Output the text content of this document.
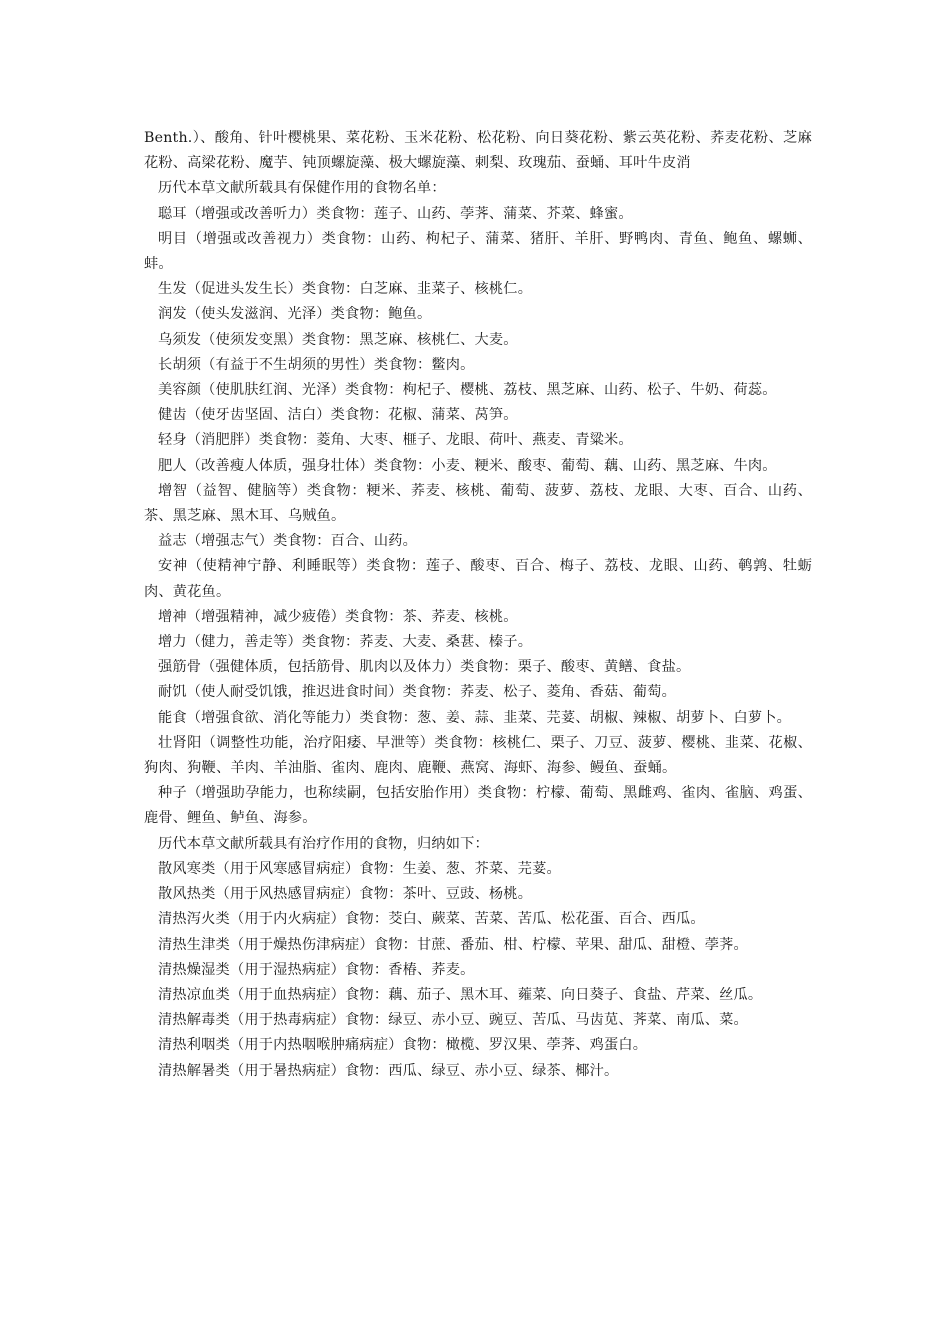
Benth.）、酸角、针叶樱桃果、菜花粉、玉米花粉、松花粉、向日葵花粉、紫云英花粉、荞麦花粉、芝麻花粉、高梁花粉、魔芋、钝顶螺旋藻、极大螺旋藻、刺梨、玫瑰茄、蚕蛹、耳叶牛皮消

历代本草文献所载具有保健作用的食物名单：

聪耳（增强或改善听力）类食物：莲子、山药、荸荠、蒲菜、芥菜、蜂蜜。

明目（增强或改善视力）类食物：山药、枸杞子、蒲菜、猪肝、羊肝、野鸭肉、青鱼、鲍鱼、螺蛳、蚌。

生发（促进头发生长）类食物：白芝麻、韭菜子、核桃仁。

润发（使头发滋润、光泽）类食物：鲍鱼。

乌须发（使须发变黑）类食物：黑芝麻、核桃仁、大麦。

长胡须（有益于不生胡须的男性）类食物：鳖肉。

美容颜（使肌肤红润、光泽）类食物：枸杞子、樱桃、荔枝、黑芝麻、山药、松子、牛奶、荷蕊。

健齿（使牙齿坚固、洁白）类食物：花椒、蒲菜、莴笋。

轻身（消肥胖）类食物：菱角、大枣、榧子、龙眼、荷叶、燕麦、青粱米。

肥人（改善瘦人体质，强身壮体）类食物：小麦、粳米、酸枣、葡萄、藕、山药、黑芝麻、牛肉。

增智（益智、健脑等）类食物：粳米、荞麦、核桃、葡萄、菠萝、荔枝、龙眼、大枣、百合、山药、茶、黑芝麻、黑木耳、乌贼鱼。

益志（增强志气）类食物：百合、山药。

安神（使精神宁静、利睡眠等）类食物：莲子、酸枣、百合、梅子、荔枝、龙眼、山药、鹌鹑、牡蛎肉、黄花鱼。

增神（增强精神，减少疲倦）类食物：茶、荞麦、核桃。

增力（健力，善走等）类食物：荞麦、大麦、桑葚、榛子。

强筋骨（强健体质，包括筋骨、肌肉以及体力）类食物：栗子、酸枣、黄鳝、食盐。

耐饥（使人耐受饥饿，推迟进食时间）类食物：荞麦、松子、菱角、香菇、葡萄。

能食（增强食欲、消化等能力）类食物：葱、姜、蒜、韭菜、芫荽、胡椒、辣椒、胡萝卜、白萝卜。

壮肾阳（调整性功能，治疗阳痿、早泄等）类食物：核桃仁、栗子、刀豆、菠萝、樱桃、韭菜、花椒、狗肉、狗鞭、羊肉、羊油脂、雀肉、鹿肉、鹿鞭、燕窝、海虾、海参、鳗鱼、蚕蛹。

种子（增强助孕能力，也称续嗣，包括安胎作用）类食物：柠檬、葡萄、黑雌鸡、雀肉、雀脑、鸡蛋、鹿骨、鲤鱼、鲈鱼、海参。

历代本草文献所载具有治疗作用的食物，归纳如下：

散风寒类（用于风寒感冒病症）食物：生姜、葱、芥菜、芫荽。

散风热类（用于风热感冒病症）食物：茶叶、豆豉、杨桃。

清热泻火类（用于内火病症）食物：茭白、蕨菜、苦菜、苦瓜、松花蛋、百合、西瓜。

清热生津类（用于燥热伤津病症）食物：甘蔗、番茄、柑、柠檬、苹果、甜瓜、甜橙、荸荠。

清热燥湿类（用于湿热病症）食物：香椿、荞麦。

清热凉血类（用于血热病症）食物：藕、茄子、黑木耳、蕹菜、向日葵子、食盐、芹菜、丝瓜。

清热解毒类（用于热毒病症）食物：绿豆、赤小豆、豌豆、苦瓜、马齿苋、荠菜、南瓜、菜。

清热利咽类（用于内热咽喉肿痛病症）食物：橄榄、罗汉果、荸荠、鸡蛋白。

清热解暑类（用于暑热病症）食物：西瓜、绿豆、赤小豆、绿茶、椰汁。
